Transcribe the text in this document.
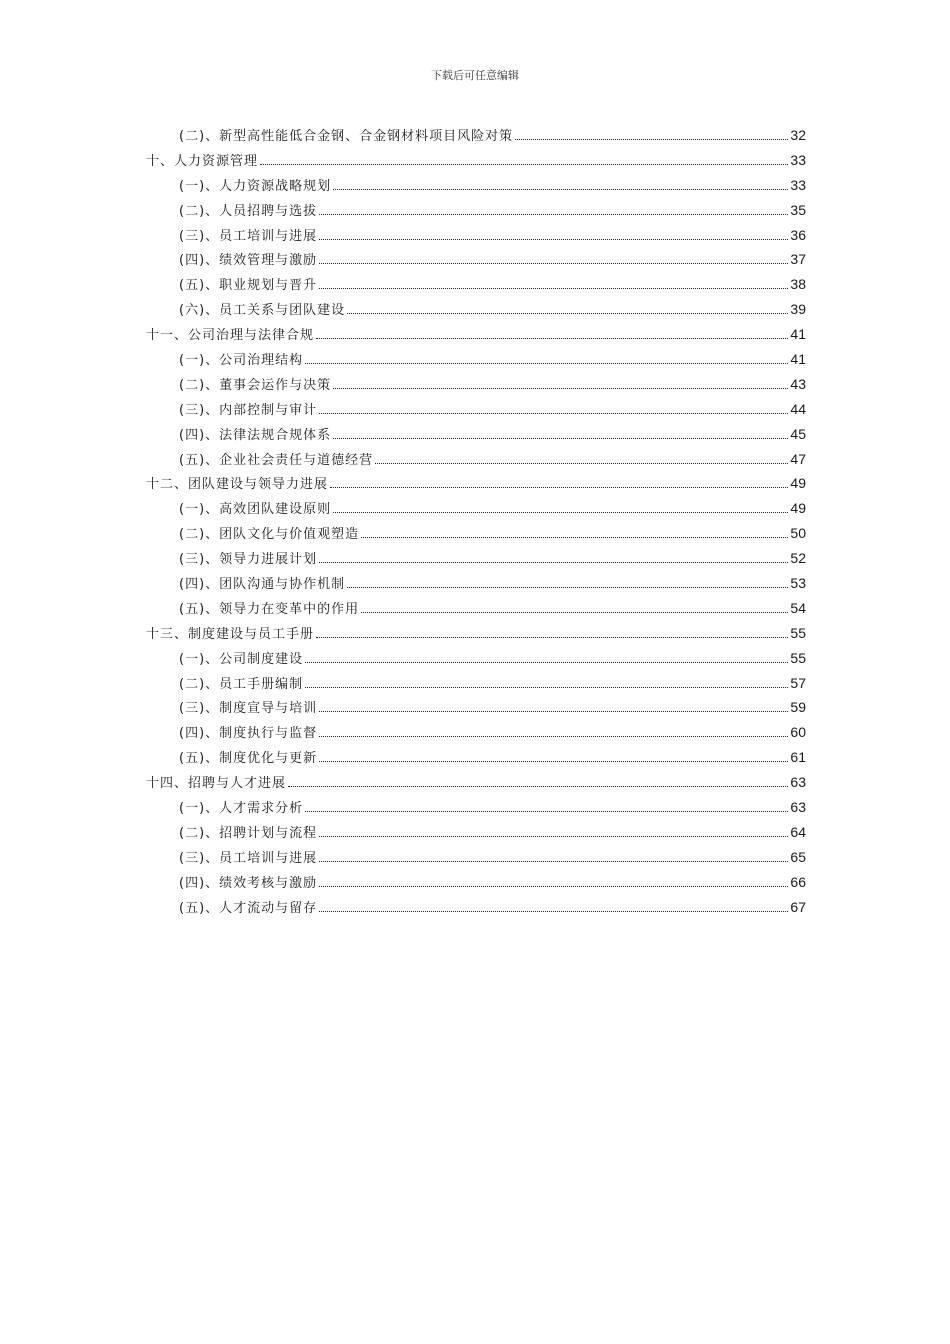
下载后可任意编辑
(二)、新型高性能低合金钢、合金钢材料项目风险对策	32
十、人力资源管理	33
(一)、人力资源战略规划	33
(二)、人员招聘与选拔	35
(三)、员工培训与进展	36
(四)、绩效管理与激励	37
(五)、职业规划与晋升	38
(六)、员工关系与团队建设	39
十一、公司治理与法律合规	41
(一)、公司治理结构	41
(二)、董事会运作与决策	43
(三)、内部控制与审计	44
(四)、法律法规合规体系	45
(五)、企业社会责任与道德经营	47
十二、团队建设与领导力进展	49
(一)、高效团队建设原则	49
(二)、团队文化与价值观塑造	50
(三)、领导力进展计划	52
(四)、团队沟通与协作机制	53
(五)、领导力在变革中的作用	54
十三、制度建设与员工手册	55
(一)、公司制度建设	55
(二)、员工手册编制	57
(三)、制度宣导与培训	59
(四)、制度执行与监督	60
(五)、制度优化与更新	61
十四、招聘与人才进展	63
(一)、人才需求分析	63
(二)、招聘计划与流程	64
(三)、员工培训与进展	65
(四)、绩效考核与激励	66
(五)、人才流动与留存	67
